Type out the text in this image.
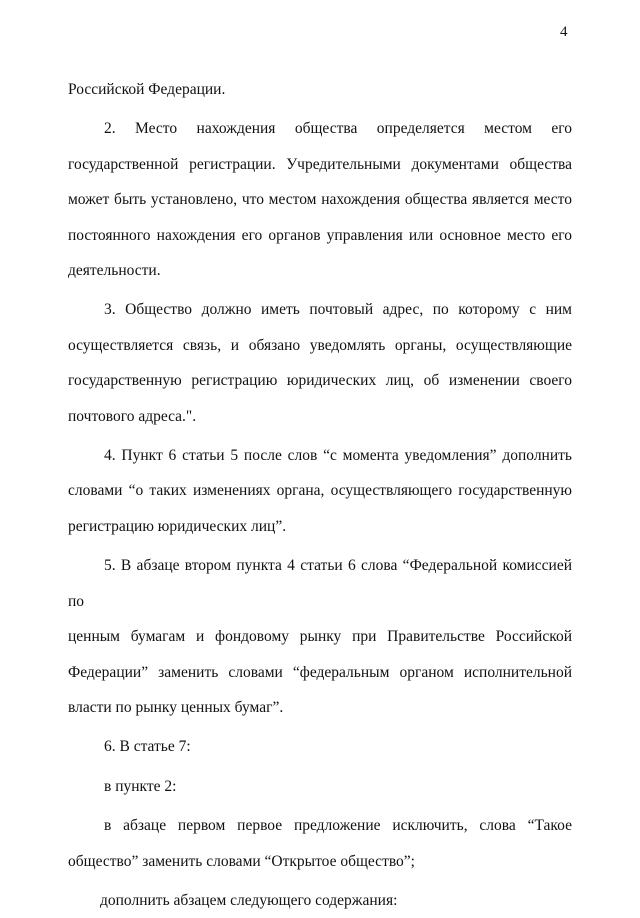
4
Российской Федерации.
2. Место нахождения общества определяется местом его
государственной регистрации. Учредительными документами общества
может быть установлено, что местом нахождения общества является место
постоянного нахождения его органов управления или основное место его
деятельности.
3. Общество должно иметь почтовый адрес, по которому с ним
осуществляется связь, и обязано уведомлять органы, осуществляющие
государственную регистрацию юридических лиц, об изменении своего
почтового адреса.".
4. Пункт 6 статьи 5 после слов “с момента уведомления” дополнить
словами “о таких изменениях органа, осуществляющего государственную
регистрацию юридических лиц”.
5. В абзаце втором пункта 4 статьи 6 слова “Федеральной комиссией по
ценным бумагам и фондовому рынку при Правительстве Российской
Федерации” заменить словами “федеральным органом исполнительной
власти по рынку ценных бумаг”.
6. В статье 7:
в пункте 2:
в абзаце первом первое предложение исключить, слова “Такое
общество” заменить словами “Открытое общество”;
дополнить абзацем следующего содержания:
